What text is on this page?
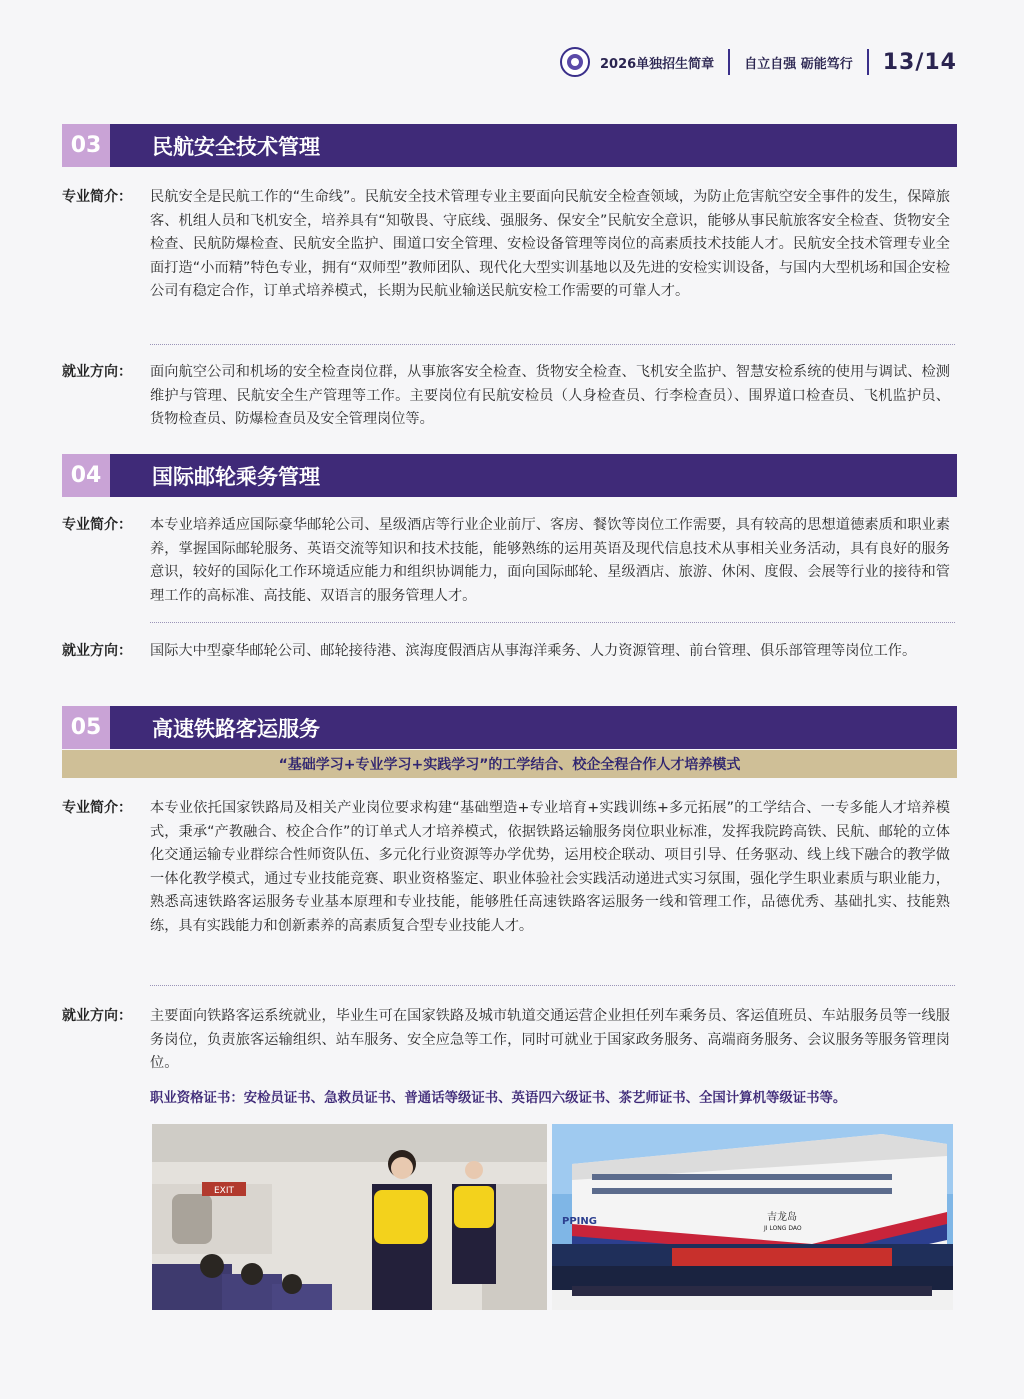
2026单独招生简章 自立自强 砺能笃行 13/14
03	民航安全技术管理
专业简介： 民航安全是民航工作的“生命线”。民航安全技术管理专业主要面向民航安全检查领域，为防止危害航空安全事件的发生，保障旅客、机组人员和飞机安全，培养具有“知敬畏、守底线、强服务、保安全”民航安全意识，能够从事民航旅客安全检查、货物安全检查、民航防爆检查、民航安全监护、围道口安全管理、安检设备管理等岗位的高素质技术技能人才。民航安全技术管理专业全面打造“小而精”特色专业，拥有“双师型”教师团队、现代化大型实训基地以及先进的安检实训设备，与国内大型机场和国企安检公司有稳定合作，订单式培养模式，长期为民航业输送民航安检工作需要的可靠人才。
就业方向： 面向航空公司和机场的安全检查岗位群，从事旅客安全检查、货物安全检查、飞机安全监护、智慧安检系统的使用与调试、检测维护与管理、民航安全生产管理等工作。主要岗位有民航安检员（人身检查员、行李检查员）、围界道口检查员、飞机监护员、货物检查员、防爆检查员及安全管理岗位等。
04	国际邮轮乘务管理
专业简介： 本专业培养适应国际豪华邮轮公司、星级酒店等行业企业前厅、客房、餐饮等岗位工作需要，具有较高的思想道德素质和职业素养，掌握国际邮轮服务、英语交流等知识和技术技能，能够熟练的运用英语及现代信息技术从事相关业务活动，具有良好的服务意识，较好的国际化工作环境适应能力和组织协调能力，面向国际邮轮、星级酒店、旅游、休闲、度假、会展等行业的接待和管理工作的高标准、高技能、双语言的服务管理人才。
就业方向： 国际大中型豪华邮轮公司、邮轮接待港、滨海度假酒店从事海洋乘务、人力资源管理、前台管理、俱乐部管理等岗位工作。
05	高速铁路客运服务
“基础学习+专业学习+实践学习”的工学结合、校企全程合作人才培养模式
专业简介： 本专业依托国家铁路局及相关产业岗位要求构建“基础塑造+专业培育+实践训练+多元拓展”的工学结合、一专多能人才培养模式，秉承“产教融合、校企合作”的订单式人才培养模式，依据铁路运输服务岗位职业标准，发挥我院跨高铁、民航、邮轮的立体化交通运输专业群综合性师资队伍、多元化行业资源等办学优势，运用校企联动、项目引导、任务驱动、线上线下融合的教学做一体化教学模式，通过专业技能竞赛、职业资格鉴定、职业体验社会实践活动递进式实习氛围，强化学生职业素质与职业能力，熟悉高速铁路客运服务专业基本原理和专业技能，能够胜任高速铁路客运服务一线和管理工作，品德优秀、基础扎实、技能熟练，具有实践能力和创新素养的高素质复合型专业技能人才。
就业方向： 主要面向铁路客运系统就业，毕业生可在国家铁路及城市轨道交通运营企业担任列车乘务员、客运值班员、车站服务员等一线服务岗位，负责旅客运输组织、站车服务、安全应急等工作，同时可就业于国家政务服务、高端商务服务、会议服务等服务管理岗位。
职业资格证书：安检员证书、急救员证书、普通话等级证书、英语四六级证书、茶艺师证书、全国计算机等级证书等。
EXIT
PPING	吉龙岛
JI LONG DAO
